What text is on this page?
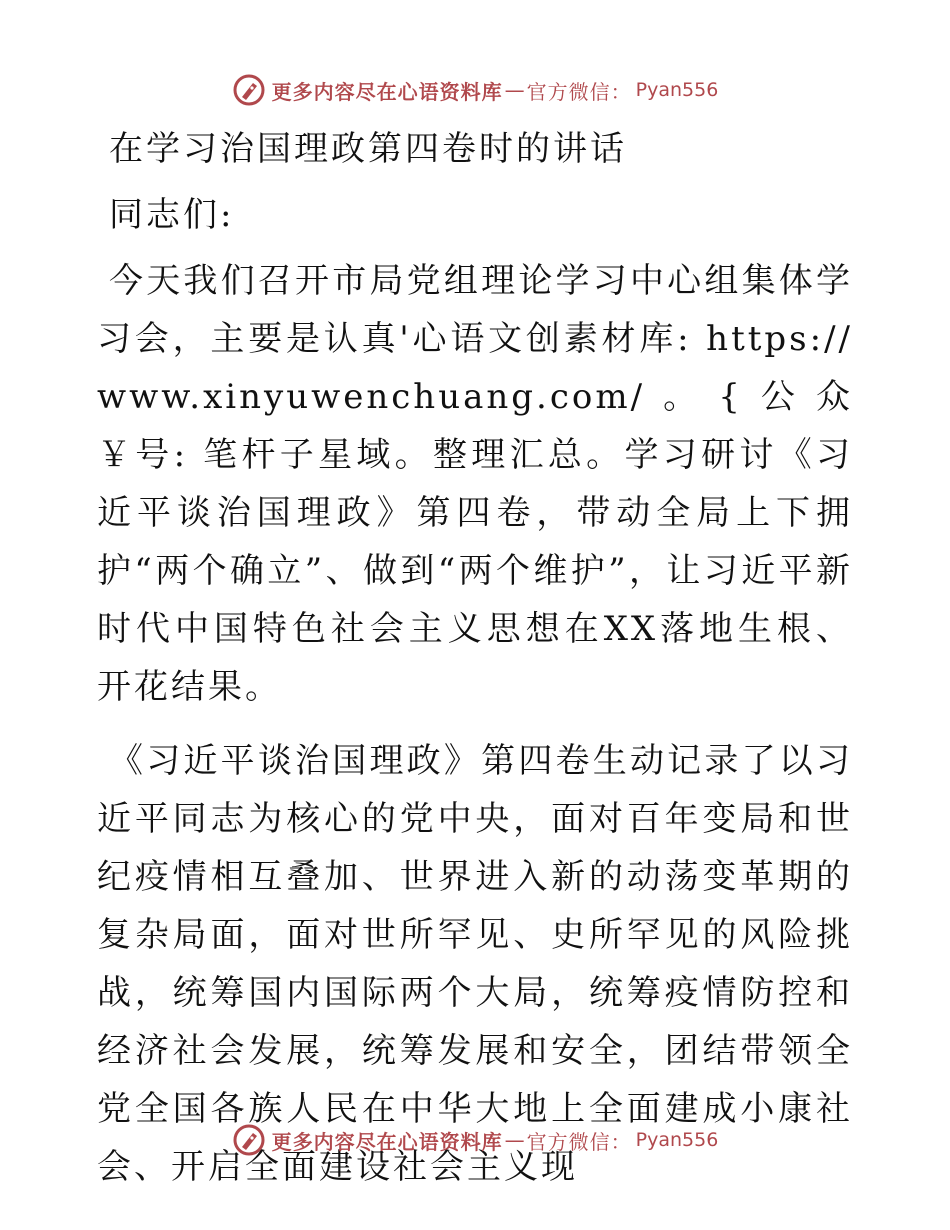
更多内容尽在心语资料库 — 官方微信： Pyan556

在学习治国理政第四卷时的讲话

同志们:

今天我们召开市局党组理论学习中心组集体学习会，主要是认真'心语文创素材库: https://www.xinyuwenchuang.com/。{公众￥号: 笔杆子星域。整理汇总。学习研讨《习近平谈治国理政》第四卷，带动全局上下拥护“两个确立”、做到“两个维护”，让习近平新时代中国特色社会主义思想在XX落地生根、开花结果。

《习近平谈治国理政》第四卷生动记录了以习近平同志为核心的党中央，面对百年变局和世纪疫情相互叠加、世界进入新的动荡变革期的复杂局面，面对世所罕见、史所罕见的风险挑战，统筹国内国际两个大局，统筹疫情防控和经济社会发展，统筹发展和安全，团结带领全党全国各族人民在中华大地上全面建成小康社会、开启全面建设社会主义现

更多内容尽在心语资料库 — 官方微信： Pyan556
